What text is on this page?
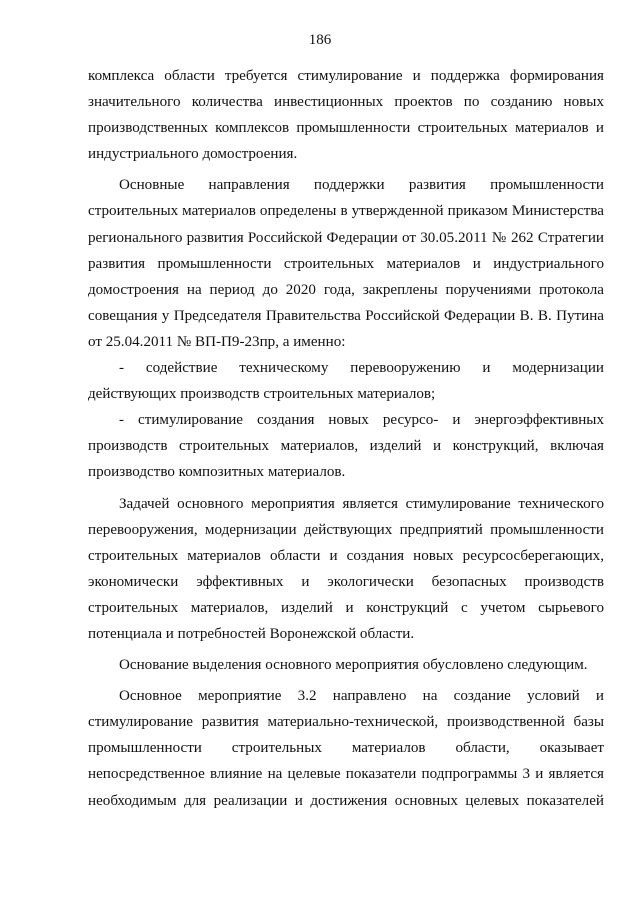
186

комплекса области требуется стимулирование и поддержка формирования значительного количества инвестиционных проектов по созданию новых производственных комплексов промышленности строительных материалов и индустриального домостроения.

Основные направления поддержки развития промышленности строительных материалов определены в утвержденной приказом Министерства регионального развития Российской Федерации от 30.05.2011 № 262 Стратегии развития промышленности строительных материалов и индустриального домостроения на период до 2020 года, закреплены поручениями протокола совещания у Председателя Правительства Российской Федерации В. В. Путина от 25.04.2011 № ВП-П9-23пр, а именно:

- содействие техническому перевооружению и модернизации действующих производств строительных материалов;

- стимулирование создания новых ресурсо- и энергоэффективных производств строительных материалов, изделий и конструкций, включая производство композитных материалов.

Задачей основного мероприятия является стимулирование технического перевооружения, модернизации действующих предприятий промышленности строительных материалов области и создания новых ресурсосберегающих, экономически эффективных и экологически безопасных производств строительных материалов, изделий и конструкций с учетом сырьевого потенциала и потребностей Воронежской области.

Основание выделения основного мероприятия обусловлено следующим.

Основное мероприятие 3.2 направлено на создание условий и стимулирование развития материально-технической, производственной базы промышленности строительных материалов области, оказывает непосредственное влияние на целевые показатели подпрограммы 3 и является необходимым для реализации и достижения основных целевых показателей
